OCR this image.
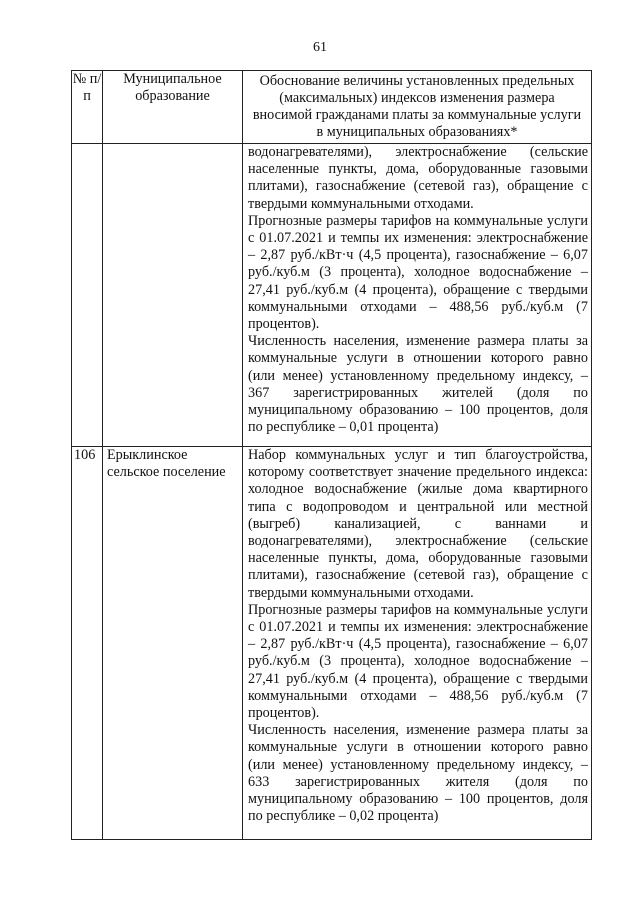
61
№ п/п	Муниципальное образование	Обоснование величины установленных предельных (максимальных) индексов изменения размера вносимой гражданами платы за коммунальные услуги в муниципальных образованиях*

		водонагревателями), электроснабжение (сельские населенные пункты, дома, оборудованные газовыми плитами), газоснабжение (сетевой газ), обращение с твердыми коммунальными отходами.

Прогнозные размеры тарифов на коммунальные услуги с 01.07.2021 и темпы их изменения: электроснабжение – 2,87 руб./кВт·ч (4,5 процента), газоснабжение – 6,07 руб./куб.м (3 процента), холодное водоснабжение – 27,41 руб./куб.м (4 процента), обращение с твердыми коммунальными отходами – 488,56 руб./куб.м (7 процентов).

Численность населения, изменение размера платы за коммунальные услуги в отношении которого равно (или менее) установленному предельному индексу, – 367 зарегистрированных жителей (доля по муниципальному образованию – 100 процентов, доля по республике – 0,01 процента)

106	Ерыклинское сельское поселение	Набор коммунальных услуг и тип благоустройства, которому соответствует значение предельного индекса: холодное водоснабжение (жилые дома квартирного типа с водопроводом и центральной или местной (выгреб) канализацией, с ваннами и водонагревателями), электроснабжение (сельские населенные пункты, дома, оборудованные газовыми плитами), газоснабжение (сетевой газ), обращение с твердыми коммунальными отходами.

Прогнозные размеры тарифов на коммунальные услуги с 01.07.2021 и темпы их изменения: электроснабжение – 2,87 руб./кВт·ч (4,5 процента), газоснабжение – 6,07 руб./куб.м (3 процента), холодное водоснабжение – 27,41 руб./куб.м (4 процента), обращение с твердыми коммунальными отходами – 488,56 руб./куб.м (7 процентов).

Численность населения, изменение размера платы за коммунальные услуги в отношении которого равно (или менее) установленному предельному индексу, – 633 зарегистрированных жителя (доля по муниципальному образованию – 100 процентов, доля по республике – 0,02 процента)
